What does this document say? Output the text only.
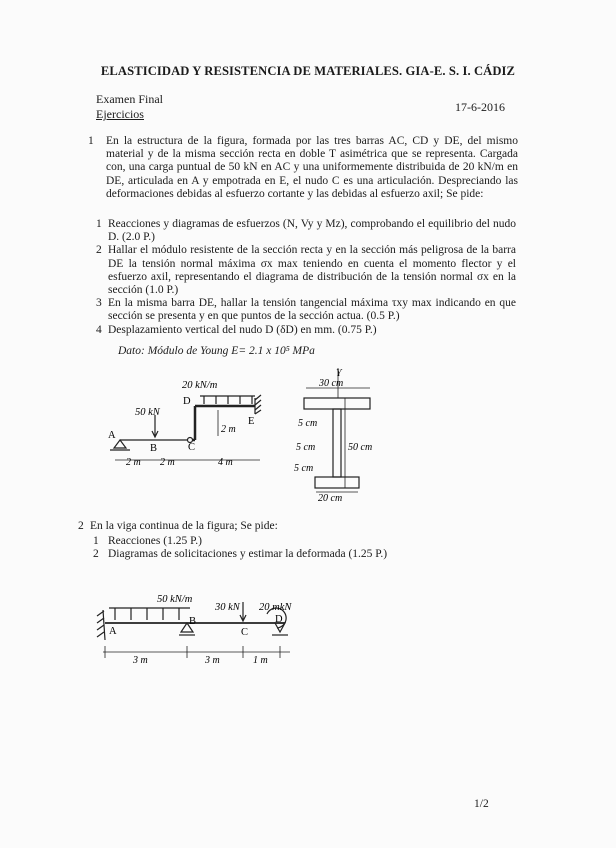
ELASTICIDAD Y RESISTENCIA DE MATERIALES. GIA-E. S. I. CÁDIZ
Examen Final
Ejercicios	17-6-2016
1 En la estructura de la figura, formada por las tres barras AC, CD y DE, del mismo material y de la misma sección recta en doble T asimétrica que se representa. Cargada con, una carga puntual de 50 kN en AC y una uniformemente distribuida de 20 kN/m en DE, articulada en A y empotrada en E, el nudo C es una articulación. Despreciando las deformaciones debidas al esfuerzo cortante y las debidas al esfuerzo axil; Se pide:
1 Reacciones y diagramas de esfuerzos (N, Vy y Mz), comprobando el equilibrio del nudo D. (2.0 P.)
2 Hallar el módulo resistente de la sección recta y en la sección más peligrosa de la barra DE la tensión normal máxima σx max teniendo en cuenta el momento flector y el esfuerzo axil, representando el diagrama de distribución de la tensión normal σx en la sección (1.0 P.)
3 En la misma barra DE, hallar la tensión tangencial máxima τxy max indicando en que sección se presenta y en que puntos de la sección actua. (0.5 P.)
4 Desplazamiento vertical del nudo D (δD) en mm. (0.75 P.)
Dato: Módulo de Young E= 2.1 x 10⁵ MPa
20 kN/m
50 kN
A
B	C
D
E
2 m
2 m 2 m	4 m
Y
30 cm
5 cm
5 cm	50 cm
5 cm
20 cm
2 En la viga continua de la figura; Se pide:
1 Reacciones (1.25 P.)
2 Diagramas de solicitaciones y estimar la deformada (1.25 P.)
50 kN/m
30 kN 20 mkN
A
B
C
D
3 m	3 m	1 m
1/2
